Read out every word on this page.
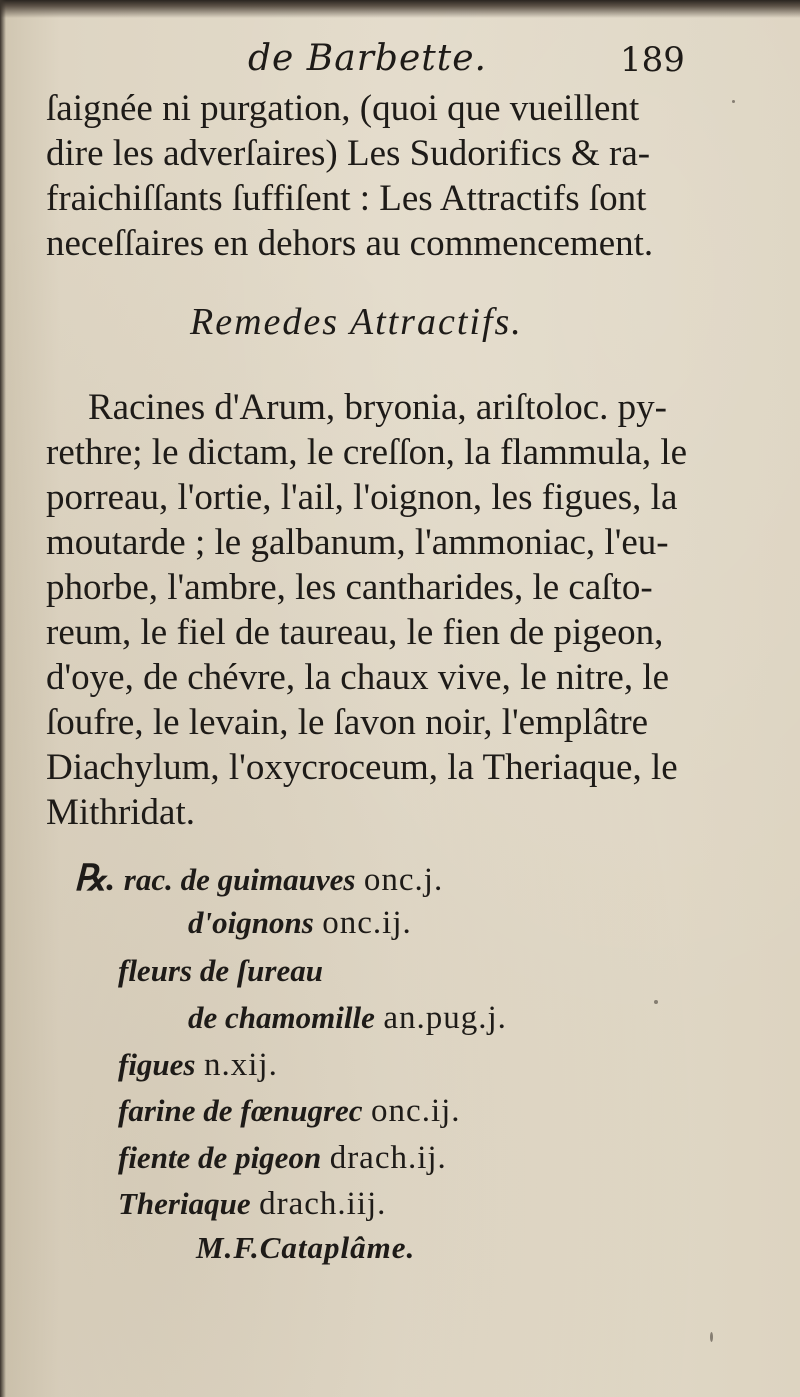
de Barbette.	189

ſaignée ni purgation, (quoi que vueillent
dire les adverſaires) Les Sudorifics & ra-
fraichiſſants ſuffiſent : Les Attractifs ſont
neceſſaires en dehors au commencement.

Remedes Attractifs.

Racines d'Arum, bryonia, ariſtoloc. py-
rethre; le dictam, le creſſon, la flammula, le
porreau, l'ortie, l'ail, l'oignon, les figues, la
moutarde ; le galbanum, l'ammoniac, l'eu-
phorbe, l'ambre, les cantharides, le caſto-
reum, le fiel de taureau, le fien de pigeon,
d'oye, de chévre, la chaux vive, le nitre, le
ſoufre, le levain, le ſavon noir, l'emplâtre
Diachylum, l'oxycroceum, la Theriaque, le
Mithridat.

℞. rac. de guimauves onc.j.
d'oignons onc.ij.
fleurs de ſureau
de chamomille an.pug.j.
figues n.xij.
farine de fœnugrec onc.ij.
fiente de pigeon drach.ij.
Theriaque drach.iij.
M.F.Cataplâme.
